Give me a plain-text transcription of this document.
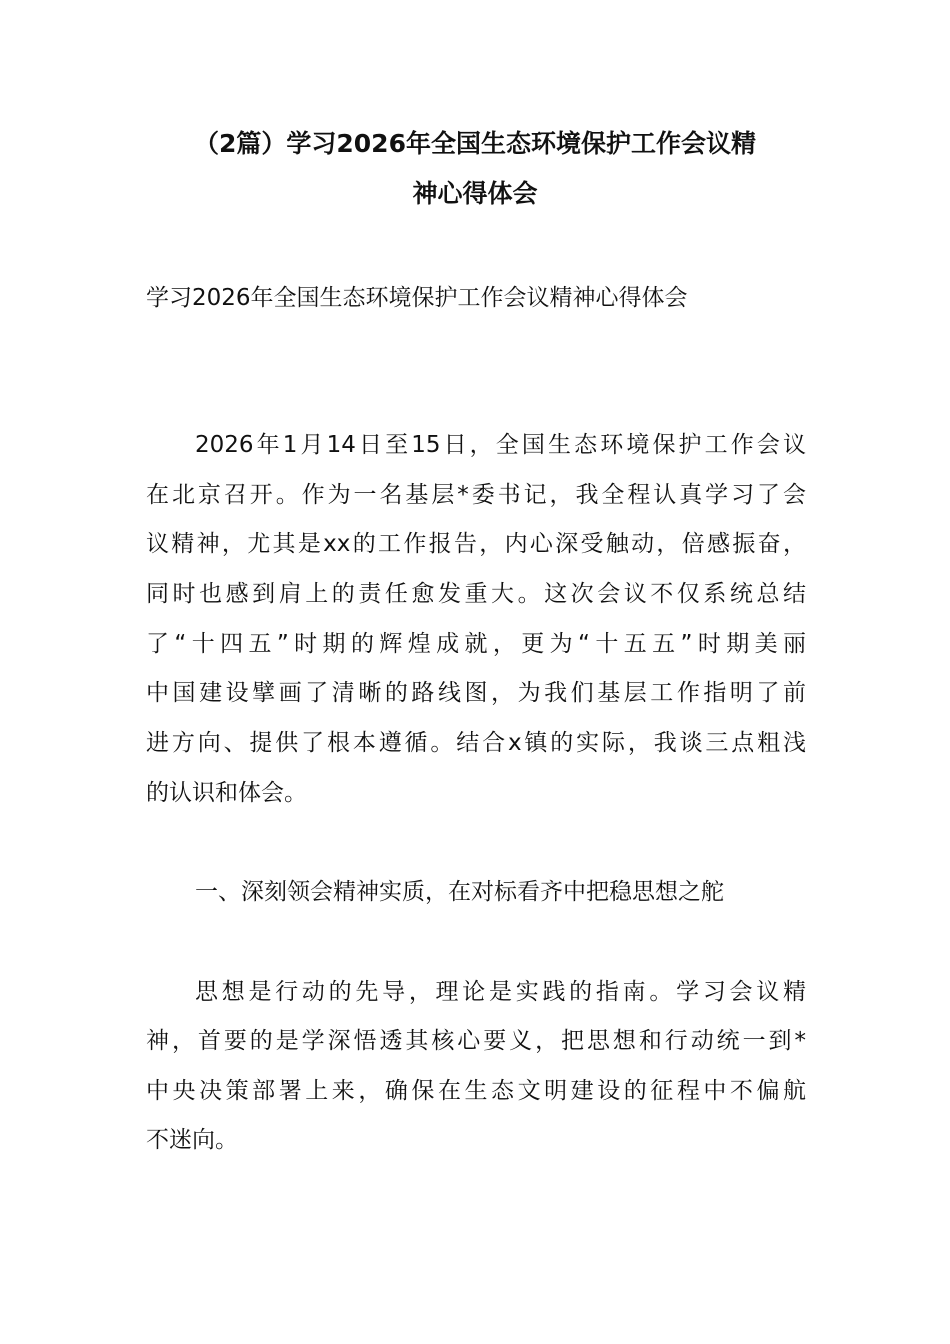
（2篇）学习2026年全国生态环境保护工作会议精
神心得体会
学习2026年全国生态环境保护工作会议精神心得体会
2026年1月14日至15日，全国生态环境保护工作会议
在北京召开。作为一名基层*委书记，我全程认真学习了会
议精神，尤其是xx的工作报告，内心深受触动，倍感振奋，
同时也感到肩上的责任愈发重大。这次会议不仅系统总结
了“十四五”时期的辉煌成就，更为“十五五”时期美丽
中国建设擘画了清晰的路线图，为我们基层工作指明了前
进方向、提供了根本遵循。结合x镇的实际，我谈三点粗浅
的认识和体会。
一、深刻领会精神实质，在对标看齐中把稳思想之舵
思想是行动的先导，理论是实践的指南。学习会议精
神，首要的是学深悟透其核心要义，把思想和行动统一到*
中央决策部署上来，确保在生态文明建设的征程中不偏航
不迷向。
